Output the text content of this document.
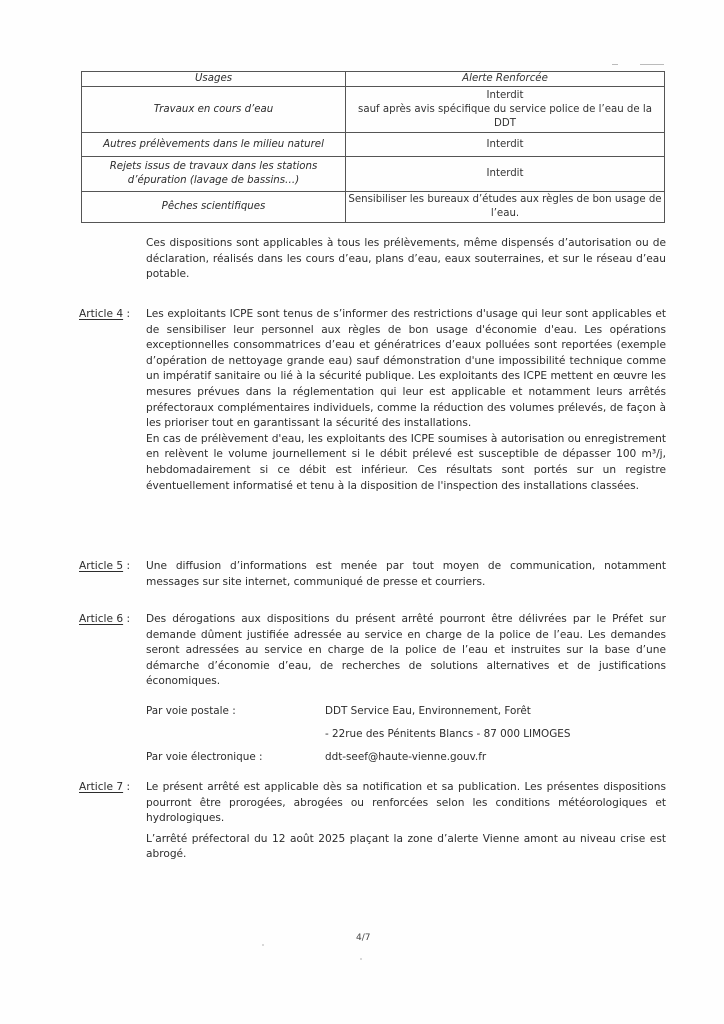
Usages	Alerte Renforcée
Travaux en cours d’eau	Interdit
sauf après avis spécifique du service police de l’eau de la DDT

Autres prélèvements dans le milieu naturel	Interdit
Rejets issus de travaux dans les stations d’épuration (lavage de bassins…)	Interdit
Pêches scientifiques	Sensibiliser les bureaux d’études aux règles de bon usage de l’eau.
Ces dispositions sont applicables à tous les prélèvements, même dispensés d’autorisation ou de déclaration, réalisés dans les cours d’eau, plans d’eau, eaux souterraines, et sur le réseau d’eau potable.
Article 4 : Les exploitants ICPE sont tenus de s’informer des restrictions d'usage qui leur sont applicables et de sensibiliser leur personnel aux règles de bon usage d'économie d'eau. Les opérations exceptionnelles consommatrices d’eau et génératrices d’eaux polluées sont reportées (exemple d’opération de nettoyage grande eau) sauf démonstration d'une impossibilité technique comme un impératif sanitaire ou lié à la sécurité publique. Les exploitants des ICPE mettent en œuvre les mesures prévues dans la réglementation qui leur est applicable et notamment leurs arrêtés préfectoraux complémentaires individuels, comme la réduction des volumes prélevés, de façon à les prioriser tout en garantissant la sécurité des installations.

En cas de prélèvement d'eau, les exploitants des ICPE soumises à autorisation ou enregistrement en relèvent le volume journellement si le débit prélevé est susceptible de dépasser 100 m³/j, hebdomadairement si ce débit est inférieur. Ces résultats sont portés sur un registre éventuellement informatisé et tenu à la disposition de l'inspection des installations classées.

Article 5 : Une diffusion d’informations est menée par tout moyen de communication, notamment messages sur site internet, communiqué de presse et courriers.

Article 6 : Des dérogations aux dispositions du présent arrêté pourront être délivrées par le Préfet sur demande dûment justifiée adressée au service en charge de la police de l’eau. Les demandes seront adressées au service en charge de la police de l’eau et instruites sur la base d’une démarche d’économie d’eau, de recherches de solutions alternatives et de justifications économiques.

Par voie postale :	DDT Service Eau, Environnement, Forêt
- 22rue des Pénitents Blancs - 87 000 LIMOGES
Par voie électronique :	ddt-seef@haute-vienne.gouv.fr
Article 7 : Le présent arrêté est applicable dès sa notification et sa publication. Les présentes dispositions pourront être prorogées, abrogées ou renforcées selon les conditions météorologiques et hydrologiques.

L’arrêté préfectoral du 12 août 2025 plaçant la zone d’alerte Vienne amont au niveau crise est abrogé.

4/7
